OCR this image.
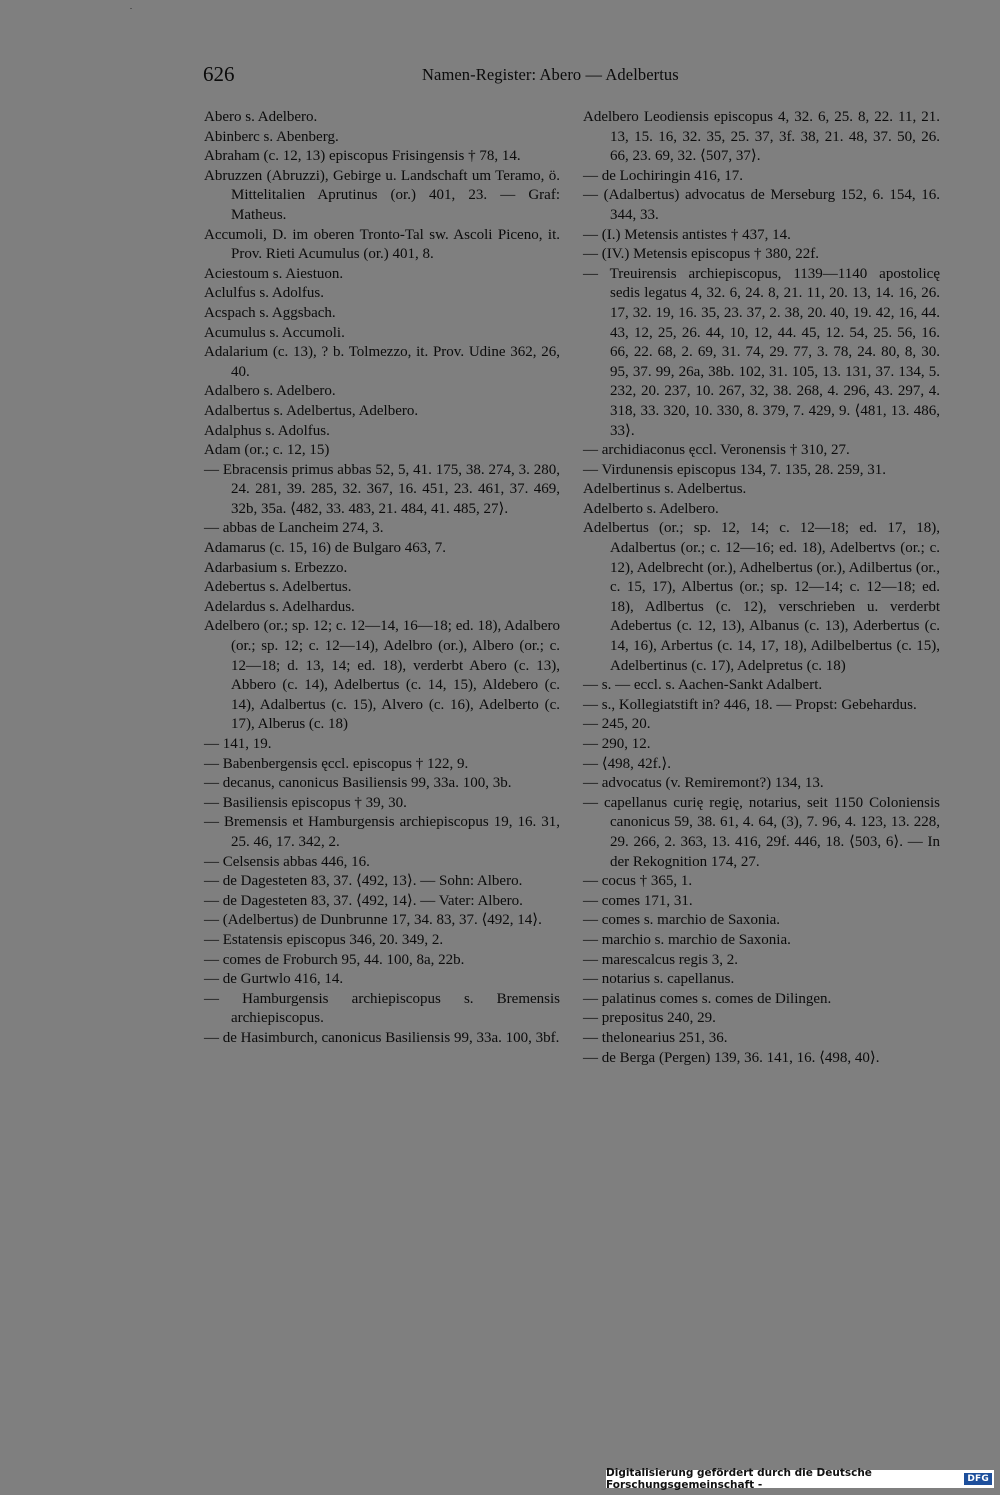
626	Namen-Register: Abero — Adelbertus
Abero s. Adelbero.
Abinberc s. Abenberg.
Abraham (c. 12, 13) episcopus Frisingensis † 78, 14.
Abruzzen (Abruzzi), Gebirge u. Landschaft um Teramo, ö. Mittelitalien Aprutinus (or.) 401, 23. — Graf: Matheus.
Accumoli, D. im oberen Tronto-Tal sw. Ascoli Piceno, it. Prov. Rieti Acumulus (or.) 401, 8.
Aciestoum s. Aiestuon.
Aclulfus s. Adolfus.
Acspach s. Aggsbach.
Acumulus s. Accumoli.
Adalarium (c. 13), ? b. Tolmezzo, it. Prov. Udine 362, 26, 40.
Adalbero s. Adelbero.
Adalbertus s. Adelbertus, Adelbero.
Adalphus s. Adolfus.
Adam (or.; c. 12, 15)
— Ebracensis primus abbas 52, 5, 41. 175, 38. 274, 3. 280, 24. 281, 39. 285, 32. 367, 16. 451, 23. 461, 37. 469, 32b, 35a. ⟨482, 33. 483, 21. 484, 41. 485, 27⟩.
— abbas de Lancheim 274, 3.
Adamarus (c. 15, 16) de Bulgaro 463, 7.
Adarbasium s. Erbezzo.
Adebertus s. Adelbertus.
Adelardus s. Adelhardus.
Adelbero (or.; sp. 12; c. 12—14, 16—18; ed. 18), Adalbero (or.; sp. 12; c. 12—14), Adelbro (or.), Albero (or.; c. 12—18; d. 13, 14; ed. 18), verderbt Abero (c. 13), Abbero (c. 14), Adelbertus (c. 14, 15), Aldebero (c. 14), Adalbertus (c. 15), Alvero (c. 16), Adelberto (c. 17), Alberus (c. 18)
— 141, 19.
— Babenbergensis ęccl. episcopus † 122, 9.
— decanus, canonicus Basiliensis 99, 33a. 100, 3b.
— Basiliensis episcopus † 39, 30.
— Bremensis et Hamburgensis archiepiscopus 19, 16. 31, 25. 46, 17. 342, 2.
— Celsensis abbas 446, 16.
— de Dagesteten 83, 37. ⟨492, 13⟩. — Sohn: Albero.
— de Dagesteten 83, 37. ⟨492, 14⟩. — Vater: Albero.
— (Adelbertus) de Dunbrunne 17, 34. 83, 37. ⟨492, 14⟩.
— Estatensis episcopus 346, 20. 349, 2.
— comes de Froburch 95, 44. 100, 8a, 22b.
— de Gurtwlo 416, 14.
— Hamburgensis archiepiscopus s. Bremensis archiepiscopus.
— de Hasimburch, canonicus Basiliensis 99, 33a. 100, 3bf.
Adelbero Leodiensis episcopus 4, 32. 6, 25. 8, 22. 11, 21. 13, 15. 16, 32. 35, 25. 37, 3f. 38, 21. 48, 37. 50, 26. 66, 23. 69, 32. ⟨507, 37⟩.
— de Lochiringin 416, 17.
— (Adalbertus) advocatus de Merseburg 152, 6. 154, 16. 344, 33.
— (I.) Metensis antistes † 437, 14.
— (IV.) Metensis episcopus † 380, 22f.
— Treuirensis archiepiscopus, 1139—1140 apostolicę sedis legatus 4, 32. 6, 24. 8, 21. 11, 20. 13, 14. 16, 26. 17, 32. 19, 16. 35, 23. 37, 2. 38, 20. 40, 19. 42, 16, 44. 43, 12, 25, 26. 44, 10, 12, 44. 45, 12. 54, 25. 56, 16. 66, 22. 68, 2. 69, 31. 74, 29. 77, 3. 78, 24. 80, 8, 30. 95, 37. 99, 26a, 38b. 102, 31. 105, 13. 131, 37. 134, 5. 232, 20. 237, 10. 267, 32, 38. 268, 4. 296, 43. 297, 4. 318, 33. 320, 10. 330, 8. 379, 7. 429, 9. ⟨481, 13. 486, 33⟩.
— archidiaconus ęccl. Veronensis † 310, 27.
— Virdunensis episcopus 134, 7. 135, 28. 259, 31.
Adelbertinus s. Adelbertus.
Adelberto s. Adelbero.
Adelbertus (or.; sp. 12, 14; c. 12—18; ed. 17, 18), Adalbertus (or.; c. 12—16; ed. 18), Adelbertvs (or.; c. 12), Adelbrecht (or.), Adhelbertus (or.), Adilbertus (or., c. 15, 17), Albertus (or.; sp. 12—14; c. 12—18; ed. 18), Adlbertus (c. 12), verschrieben u. verderbt Adebertus (c. 12, 13), Albanus (c. 13), Aderbertus (c. 14, 16), Arbertus (c. 14, 17, 18), Adilbelbertus (c. 15), Adelbertinus (c. 17), Adelpretus (c. 18)
— s. — eccl. s. Aachen-Sankt Adalbert.
— s., Kollegiatstift in? 446, 18. — Propst: Gebehardus.
— 245, 20.
— 290, 12.
— ⟨498, 42f.⟩.
— advocatus (v. Remiremont?) 134, 13.
— capellanus curię regię, notarius, seit 1150 Coloniensis canonicus 59, 38. 61, 4. 64, (3), 7. 96, 4. 123, 13. 228, 29. 266, 2. 363, 13. 416, 29f. 446, 18. ⟨503, 6⟩. — In der Rekognition 174, 27.
— cocus † 365, 1.
— comes 171, 31.
— comes s. marchio de Saxonia.
— marchio s. marchio de Saxonia.
— marescalcus regis 3, 2.
— notarius s. capellanus.
— palatinus comes s. comes de Dilingen.
— prepositus 240, 29.
— thelonearius 251, 36.
— de Berga (Pergen) 139, 36. 141, 16. ⟨498, 40⟩.
Digitalisierung gefördert durch die Deutsche Forschungsgemeinschaft -	DFG
